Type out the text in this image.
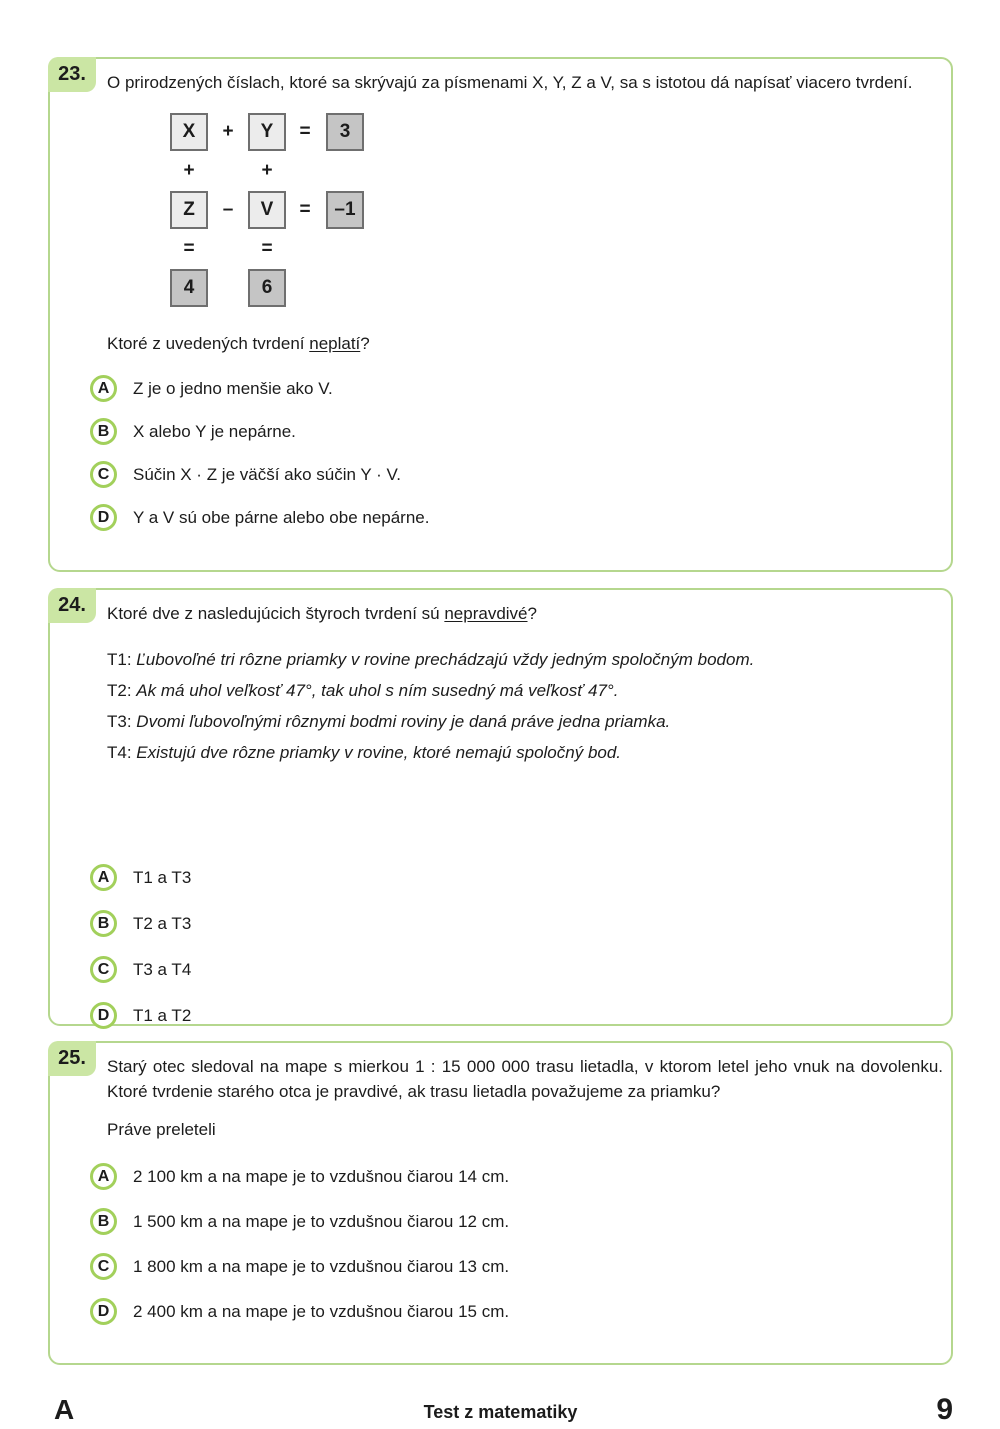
23. O prirodzených číslach, ktoré sa skrývajú za písmenami X, Y, Z a V, sa s istotou dá napísať viacero tvrdení.

X	+	Y	=	3
+	+
Z	–	V	=	–1
=	=
4	6

Ktoré z uvedených tvrdení neplatí?

A	Z je o jedno menšie ako V.
B	X alebo Y je nepárne.
C	Súčin X · Z je väčší ako súčin Y · V.
D	Y a V sú obe párne alebo obe nepárne.
24. Ktoré dve z nasledujúcich štyroch tvrdení sú nepravdivé?

T1: Ľubovoľné tri rôzne priamky v rovine prechádzajú vždy jedným spoločným bodom.

T2: Ak má uhol veľkosť 47°, tak uhol s ním susedný má veľkosť 47°.

T3: Dvomi ľubovoľnými rôznymi bodmi roviny je daná práve jedna priamka.

T4: Existujú dve rôzne priamky v rovine, ktoré nemajú spoločný bod.

A	T1 a T3
B	T2 a T3
C	T3 a T4
D	T1 a T2
25. Starý otec sledoval na mape s mierkou 1 : 15 000 000 trasu lietadla, v ktorom letel jeho vnuk na dovolenku. Ktoré tvrdenie starého otca je pravdivé, ak trasu lietadla považujeme za priamku?

Práve preleteli

A	2 100 km a na mape je to vzdušnou čiarou 14 cm.
B	1 500 km a na mape je to vzdušnou čiarou 12 cm.
C	1 800 km a na mape je to vzdušnou čiarou 13 cm.
D	2 400 km a na mape je to vzdušnou čiarou 15 cm.
A	Test z matematiky	9
